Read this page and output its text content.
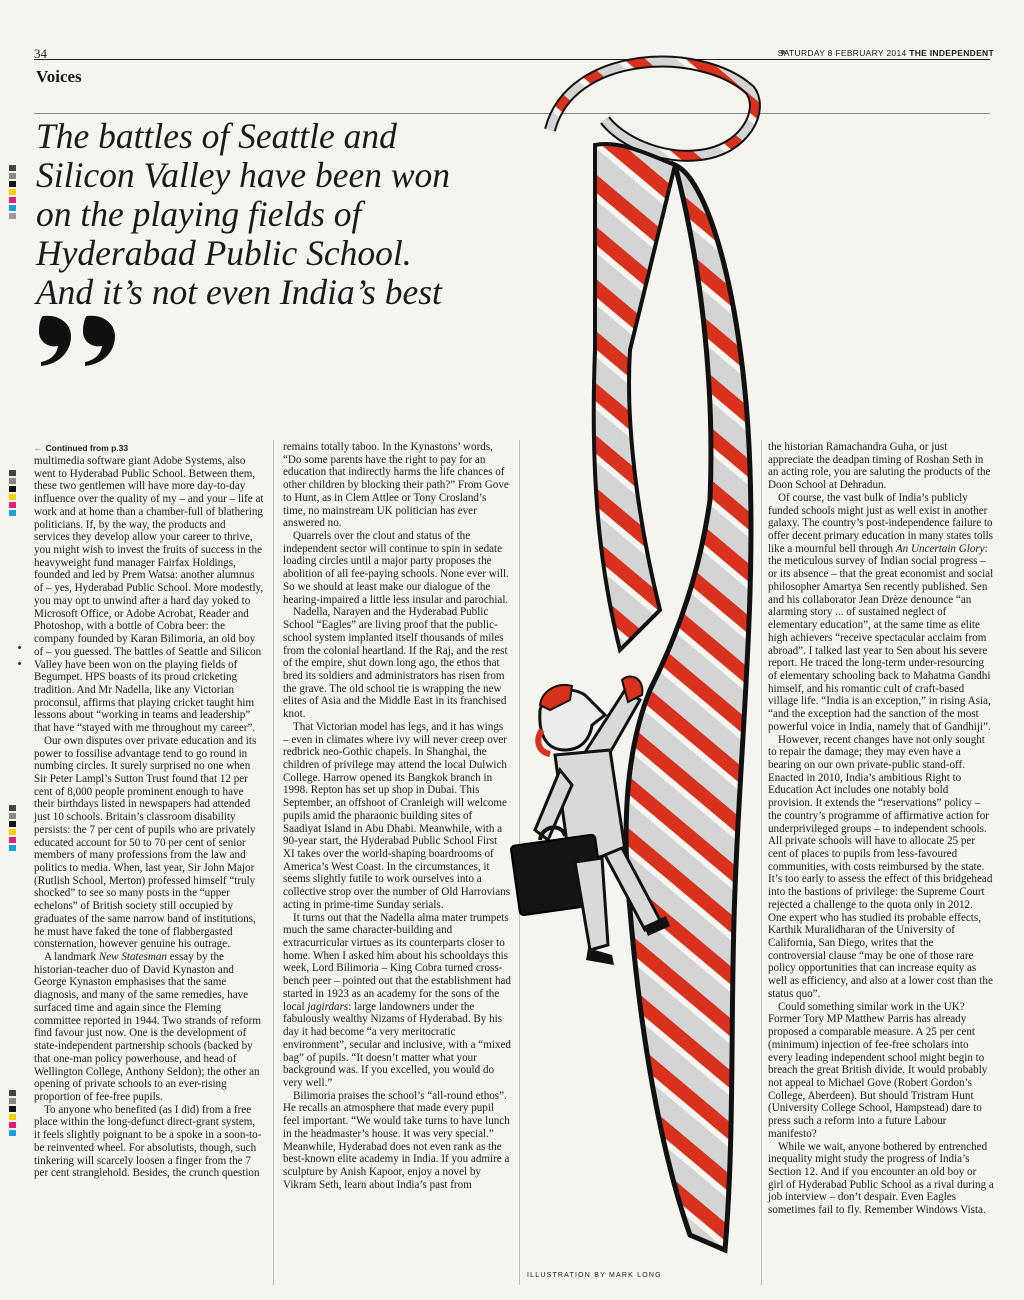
34	SATURDAY 8 FEBRUARY 2014 THE INDEPENDENT
Voices
The battles of Seattle and
Silicon Valley have been won
on the playing fields of
Hyderabad Public School.
And it’s not even India’s best
← Continued from p.33

multimedia software giant Adobe Systems, also went to Hyderabad Public School. Between them, these two gentlemen will have more day-to-day influence over the quality of my – and your – life at work and at home than a chamber-full of blathering politicians. If, by the way, the products and services they develop allow your career to thrive, you might wish to invest the fruits of success in the heavyweight fund manager Fairfax Holdings, founded and led by Prem Watsa: another alumnus of – yes, Hyderabad Public School. More modestly, you may opt to unwind after a hard day yoked to Microsoft Office, or Adobe Acrobat, Reader and Photoshop, with a bottle of Cobra beer: the company founded by Karan Bilimoria, an old boy of – you guessed. The battles of Seattle and Silicon Valley have been won on the playing fields of Begumpet. HPS boasts of its proud cricketing tradition. And Mr Nadella, like any Victorian proconsul, affirms that playing cricket taught him lessons about “working in teams and leadership” that have “stayed with me throughout my career”.

Our own disputes over private education and its power to fossilise advantage tend to go round in numbing circles. It surely surprised no one when Sir Peter Lampl’s Sutton Trust found that 12 per cent of 8,000 people prominent enough to have their birthdays listed in newspapers had attended just 10 schools. Britain’s classroom disability persists: the 7 per cent of pupils who are privately educated account for 50 to 70 per cent of senior members of many professions from the law and politics to media. When, last year, Sir John Major (Rutlish School, Merton) professed himself “truly shocked” to see so many posts in the “upper echelons” of British society still occupied by graduates of the same narrow band of institutions, he must have faked the tone of flabbergasted consternation, however genuine his outrage.

A landmark New Statesman essay by the historian-teacher duo of David Kynaston and George Kynaston emphasises that the same diagnosis, and many of the same remedies, have surfaced time and again since the Fleming committee reported in 1944. Two strands of reform find favour just now. One is the development of state-independent partnership schools (backed by that one-man policy powerhouse, and head of Wellington College, Anthony Seldon); the other an opening of private schools to an ever-rising proportion of fee-free pupils.

To anyone who benefited (as I did) from a free place within the long-defunct direct-grant system, it feels slightly poignant to be a spoke in a soon-to-be reinvented wheel. For absolutists, though, such tinkering will scarcely loosen a finger from the 7 per cent stranglehold. Besides, the crunch question

remains totally taboo. In the Kynastons’ words, “Do some parents have the right to pay for an education that indirectly harms the life chances of other children by blocking their path?” From Gove to Hunt, as in Clem Attlee or Tony Crosland’s time, no mainstream UK politician has ever answered no.

Quarrels over the clout and status of the independent sector will continue to spin in sedate loading circles until a major party proposes the abolition of all fee-paying schools. None ever will. So we should at least make our dialogue of the hearing-impaired a little less insular and parochial.

Nadella, Narayen and the Hyderabad Public School “Eagles” are living proof that the public-school system implanted itself thousands of miles from the colonial heartland. If the Raj, and the rest of the empire, shut down long ago, the ethos that bred its soldiers and administrators has risen from the grave. The old school tie is wrapping the new elites of Asia and the Middle East in its franchised knot.

That Victorian model has legs, and it has wings – even in climates where ivy will never creep over redbrick neo-Gothic chapels. In Shanghai, the children of privilege may attend the local Dulwich College. Harrow opened its Bangkok branch in 1998. Repton has set up shop in Dubai. This September, an offshoot of Cranleigh will welcome pupils amid the pharaonic building sites of Saadiyat Island in Abu Dhabi. Meanwhile, with a 90-year start, the Hyderabad Public School First XI takes over the world-shaping boardrooms of America’s West Coast. In the circumstances, it seems slightly futile to work ourselves into a collective strop over the number of Old Harrovians acting in prime-time Sunday serials.

It turns out that the Nadella alma mater trumpets much the same character-building and extracurricular virtues as its counterparts closer to home. When I asked him about his schooldays this week, Lord Bilimoria – King Cobra turned cross-bench peer – pointed out that the establishment had started in 1923 as an academy for the sons of the local jagirdars: large landowners under the fabulously wealthy Nizams of Hyderabad. By his day it had become “a very meritocratic environment”, secular and inclusive, with a “mixed bag” of pupils. “It doesn’t matter what your background was. If you excelled, you would do very well.”

Bilimoria praises the school’s “all-round ethos”. He recalls an atmosphere that made every pupil feel important. “We would take turns to have lunch in the headmaster’s house. It was very special.” Meanwhile, Hyderabad does not even rank as the best-known elite academy in India. If you admire a sculpture by Anish Kapoor, enjoy a novel by Vikram Seth, learn about India’s past from

the historian Ramachandra Guha, or just appreciate the deadpan timing of Roshan Seth in an acting role, you are saluting the products of the Doon School at Dehradun.

Of course, the vast bulk of India’s publicly funded schools might just as well exist in another galaxy. The country’s post-independence failure to offer decent primary education in many states tolls like a mournful bell through An Uncertain Glory: the meticulous survey of Indian social progress – or its absence – that the great economist and social philosopher Amartya Sen recently published. Sen and his collaborator Jean Drèze denounce “an alarming story ... of sustained neglect of elementary education”, at the same time as elite high achievers “receive spectacular acclaim from abroad”. I talked last year to Sen about his severe report. He traced the long-term under-resourcing of elementary schooling back to Mahatma Gandhi himself, and his romantic cult of craft-based village life. “India is an exception,” in rising Asia, “and the exception had the sanction of the most powerful voice in India, namely that of Gandhiji”.

However, recent changes have not only sought to repair the damage; they may even have a bearing on our own private-public stand-off. Enacted in 2010, India’s ambitious Right to Education Act includes one notably bold provision. It extends the “reservations” policy – the country’s programme of affirmative action for underprivileged groups – to independent schools. All private schools will have to allocate 25 per cent of places to pupils from less-favoured communities, with costs reimbursed by the state. It’s too early to assess the effect of this bridgehead into the bastions of privilege: the Supreme Court rejected a challenge to the quota only in 2012. One expert who has studied its probable effects, Karthik Muralidharan of the University of California, San Diego, writes that the controversial clause “may be one of those rare policy opportunities that can increase equity as well as efficiency, and also at a lower cost than the status quo”.

Could something similar work in the UK? Former Tory MP Matthew Parris has already proposed a comparable measure. A 25 per cent (minimum) injection of fee-free scholars into every leading independent school might begin to breach the great British divide. It would probably not appeal to Michael Gove (Robert Gordon’s College, Aberdeen). But should Tristram Hunt (University College School, Hampstead) dare to press such a reform into a future Labour manifesto?

While we wait, anyone bothered by entrenched inequality might study the progress of India’s Section 12. And if you encounter an old boy or girl of Hyderabad Public School as a rival during a job interview – don’t despair. Even Eagles sometimes fail to fly. Remember Windows Vista.

ILLUSTRATION BY MARK LONG
